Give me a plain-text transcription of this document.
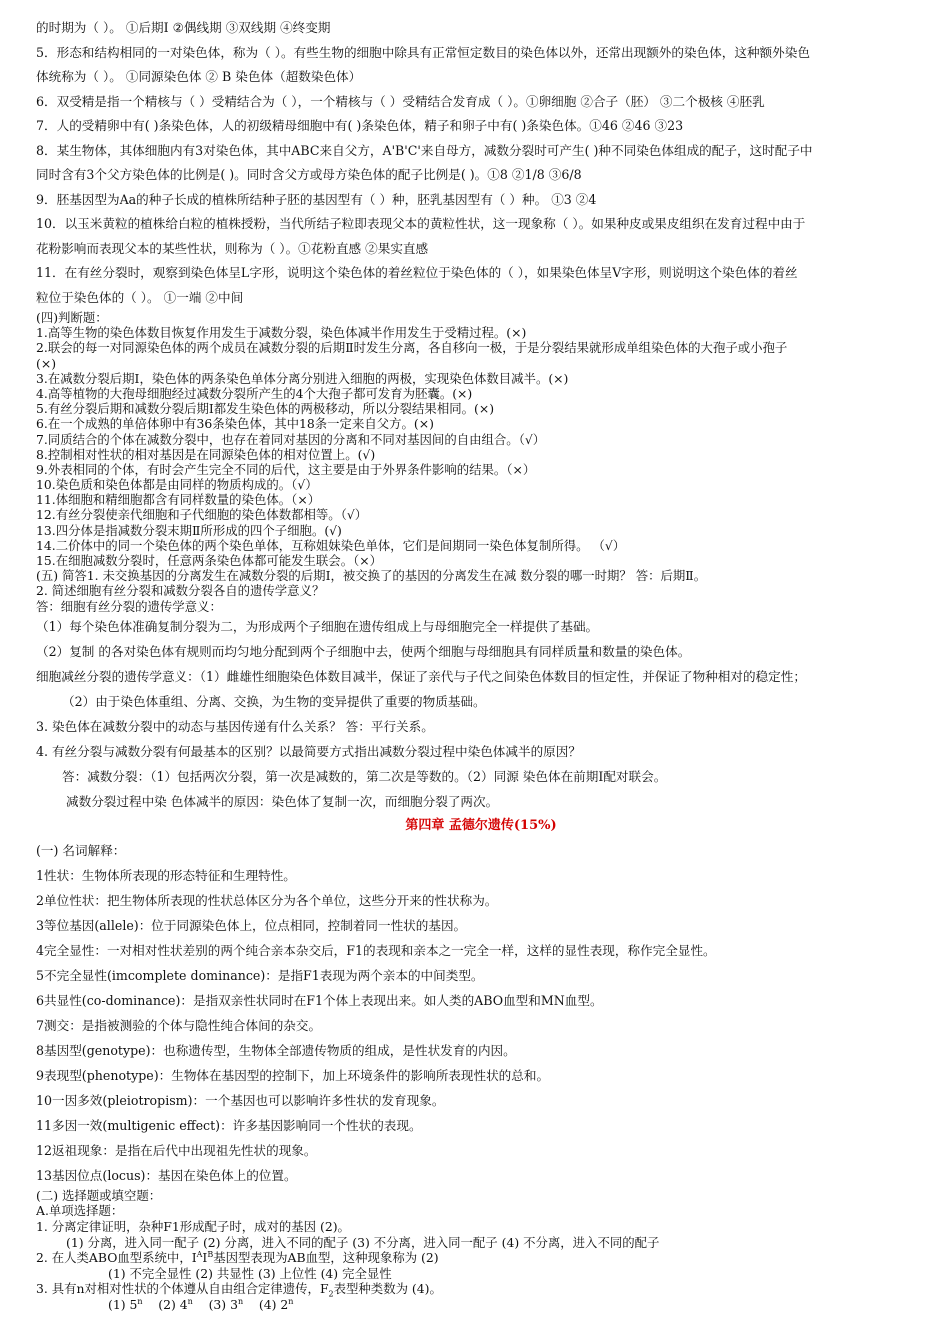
的时期为（ ）。 ①后期Ⅰ ②偶线期 ③双线期 ④终变期
5．形态和结构相同的一对染色体，称为（ ）。有些生物的细胞中除具有正常恒定数目的染色体以外，还常出现额外的染色体，这种额外染色
体统称为（ ）。 ①同源染色体 ② B 染色体（超数染色体）
6．双受精是指一个精核与（ ）受精结合为（ ），一个精核与（ ）受精结合发育成（ ）。①卵细胞 ②合子（胚） ③二个极核 ④胚乳
7．人的受精卵中有( )条染色体，人的初级精母细胞中有( )条染色体，精子和卵子中有( )条染色体。①46 ②46 ③23
8．某生物体，其体细胞内有3对染色体，其中ABC来自父方，A'B'C'来自母方，减数分裂时可产生( )种不同染色体组成的配子，这时配子中
同时含有3个父方染色体的比例是( )。同时含父方或母方染色体的配子比例是( )。①8 ②1/8 ③6/8
9．胚基因型为Aa的种子长成的植株所结种子胚的基因型有（ ）种，胚乳基因型有（ ）种。 ①3 ②4
10．以玉米黄粒的植株给白粒的植株授粉，当代所结子粒即表现父本的黄粒性状，这一现象称（ ）。如果种皮或果皮组织在发育过程中由于
花粉影响而表现父本的某些性状，则称为（ ）。①花粉直感 ②果实直感
11．在有丝分裂时，观察到染色体呈L字形，说明这个染色体的着丝粒位于染色体的（ ），如果染色体呈V字形，则说明这个染色体的着丝
粒位于染色体的（ ）。 ①一端 ②中间
(四)判断题：
1.高等生物的染色体数目恢复作用发生于减数分裂，染色体减半作用发生于受精过程。(×)
2.联会的每一对同源染色体的两个成员在减数分裂的后期Ⅱ时发生分离，各自移向一极，于是分裂结果就形成单组染色体的大孢子或小孢子
(×)
3.在减数分裂后期Ⅰ，染色体的两条染色单体分离分别进入细胞的两极，实现染色体数目减半。(×)
4.高等植物的大孢母细胞经过减数分裂所产生的4个大孢子都可发育为胚囊。(×)
5.有丝分裂后期和减数分裂后期Ⅰ都发生染色体的两极移动，所以分裂结果相同。(×)
6.在一个成熟的单倍体卵中有36条染色体，其中18条一定来自父方。(×)
7.同质结合的个体在减数分裂中，也存在着同对基因的分离和不同对基因间的自由组合。（√）
8.控制相对性状的相对基因是在同源染色体的相对位置上。(√)
9.外表相同的个体，有时会产生完全不同的后代，这主要是由于外界条件影响的结果。（×）
10.染色质和染色体都是由同样的物质构成的。（√）
11.体细胞和精细胞都含有同样数量的染色体。（×）
12.有丝分裂使亲代细胞和子代细胞的染色体数都相等。（√）
13.四分体是指减数分裂末期Ⅱ所形成的四个子细胞。(√)
14.二价体中的同一个染色体的两个染色单体，互称姐妹染色单体，它们是间期同一染色体复制所得。 （√）
15.在细胞减数分裂时，任意两条染色体都可能发生联会。（×）
(五) 简答1. 未交换基因的分离发生在减数分裂的后期Ⅰ，被交换了的基因的分离发生在减 数分裂的哪一时期？ 答：后期Ⅱ。
2. 简述细胞有丝分裂和减数分裂各自的遗传学意义？
答：细胞有丝分裂的遗传学意义：
（1）每个染色体准确复制分裂为二，为形成两个子细胞在遗传组成上与母细胞完全一样提供了基础。
（2）复制 的各对染色体有规则而均匀地分配到两个子细胞中去，使两个细胞与母细胞具有同样质量和数量的染色体。
细胞减丝分裂的遗传学意义：（1）雌雄性细胞染色体数目减半，保证了亲代与子代之间染色体数目的恒定性，并保证了物种相对的稳定性；
（2）由于染色体重组、分离、交换，为生物的变异提供了重要的物质基础。
3. 染色体在减数分裂中的动态与基因传递有什么关系？ 答：平行关系。
4. 有丝分裂与减数分裂有何最基本的区别？以最简要方式指出减数分裂过程中染色体减半的原因？
答：减数分裂：（1）包括两次分裂，第一次是减数的，第二次是等数的。（2）同源 染色体在前期Ⅰ配对联会。
减数分裂过程中染 色体减半的原因：染色体了复制一次，而细胞分裂了两次。
第四章 孟德尔遗传(15%)
(一) 名词解释：
1性状：生物体所表现的形态特征和生理特性。
2单位性状：把生物体所表现的性状总体区分为各个单位，这些分开来的性状称为。
3等位基因(allele)：位于同源染色体上，位点相同，控制着同一性状的基因。
4完全显性：一对相对性状差别的两个纯合亲本杂交后，F1的表现和亲本之一完全一样，这样的显性表现，称作完全显性。
5不完全显性(imcomplete dominance)：是指F1表现为两个亲本的中间类型。
6共显性(co-dominance)：是指双亲性状同时在F1个体上表现出来。如人类的ABO血型和MN血型。
7测交：是指被测验的个体与隐性纯合体间的杂交。
8基因型(genotype)：也称遗传型，生物体全部遗传物质的组成，是性状发育的内因。
9表现型(phenotype)：生物体在基因型的控制下，加上环境条件的影响所表现性状的总和。
10一因多效(pleiotropism)：一个基因也可以影响许多性状的发育现象。
11多因一效(multigenic effect)：许多基因影响同一个性状的表现。
12返祖现象：是指在后代中出现祖先性状的现象。
13基因位点(locus)：基因在染色体上的位置。
(二) 选择题或填空题：
A.单项选择题：
1. 分离定律证明，杂种F1形成配子时，成对的基因 (2)。
(1) 分离，进入同一配子 (2) 分离，进入不同的配子 (3) 不分离，进入同一配子 (4) 不分离，进入不同的配子
2. 在人类ABO血型系统中，$I^AI^B$基因型表现为AB血型，这种现象称为 (2)
(1) 不完全显性 (2) 共显性 (3) 上位性 (4) 完全显性
3. 具有n对相对性状的个体遵从自由组合定律遗传，$F_2$表型种类数为 (4)。
(1) 5$^n$ (2) 4$^n$ (3) 3$^n$ (4) 2$^n$
